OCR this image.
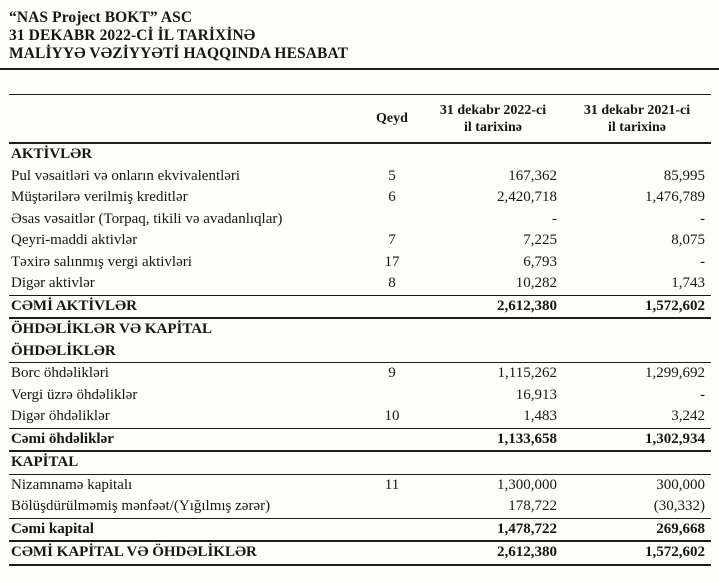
“NAS Project BOKT” ASC
31 DEKABR 2022-Cİ İL TARİXİNƏ
MALİYYƏ VƏZİYYƏTİ HAQQINDA HESABAT
	Qeyd	31 dekabr 2022-ci il tarixinə	31 dekabr 2021-ci il tarixinə
AKTİVLƏR			
Pul vəsaitləri və onların ekvivalentləri	5	167,362	85,995
Müştərilərə verilmiş kreditlər	6	2,420,718	1,476,789
Əsas vəsaitlər (Torpaq, tikili və avadanlıqlar)		-	-
Qeyri-maddi aktivlər	7	7,225	8,075
Təxirə salınmış vergi aktivləri	17	6,793	-
Digər aktivlər	8	10,282	1,743
CƏMİ AKTİVLƏR		2,612,380	1,572,602
ÖHDƏLİKLƏR VƏ KAPİTAL			
ÖHDƏLİKLƏR			
Borc öhdəlikləri	9	1,115,262	1,299,692
Vergi üzrə öhdəliklər		16,913	-
Digər öhdəliklər	10	1,483	3,242
Cəmi öhdəliklər		1,133,658	1,302,934
KAPİTAL			
Nizamnamə kapitalı	11	1,300,000	300,000
Bölüşdürülməmiş mənfəət/(Yığılmış zərər)		178,722	(30,332)
Cəmi kapital		1,478,722	269,668
CƏMİ KAPİTAL VƏ ÖHDƏLİKLƏR		2,612,380	1,572,602
